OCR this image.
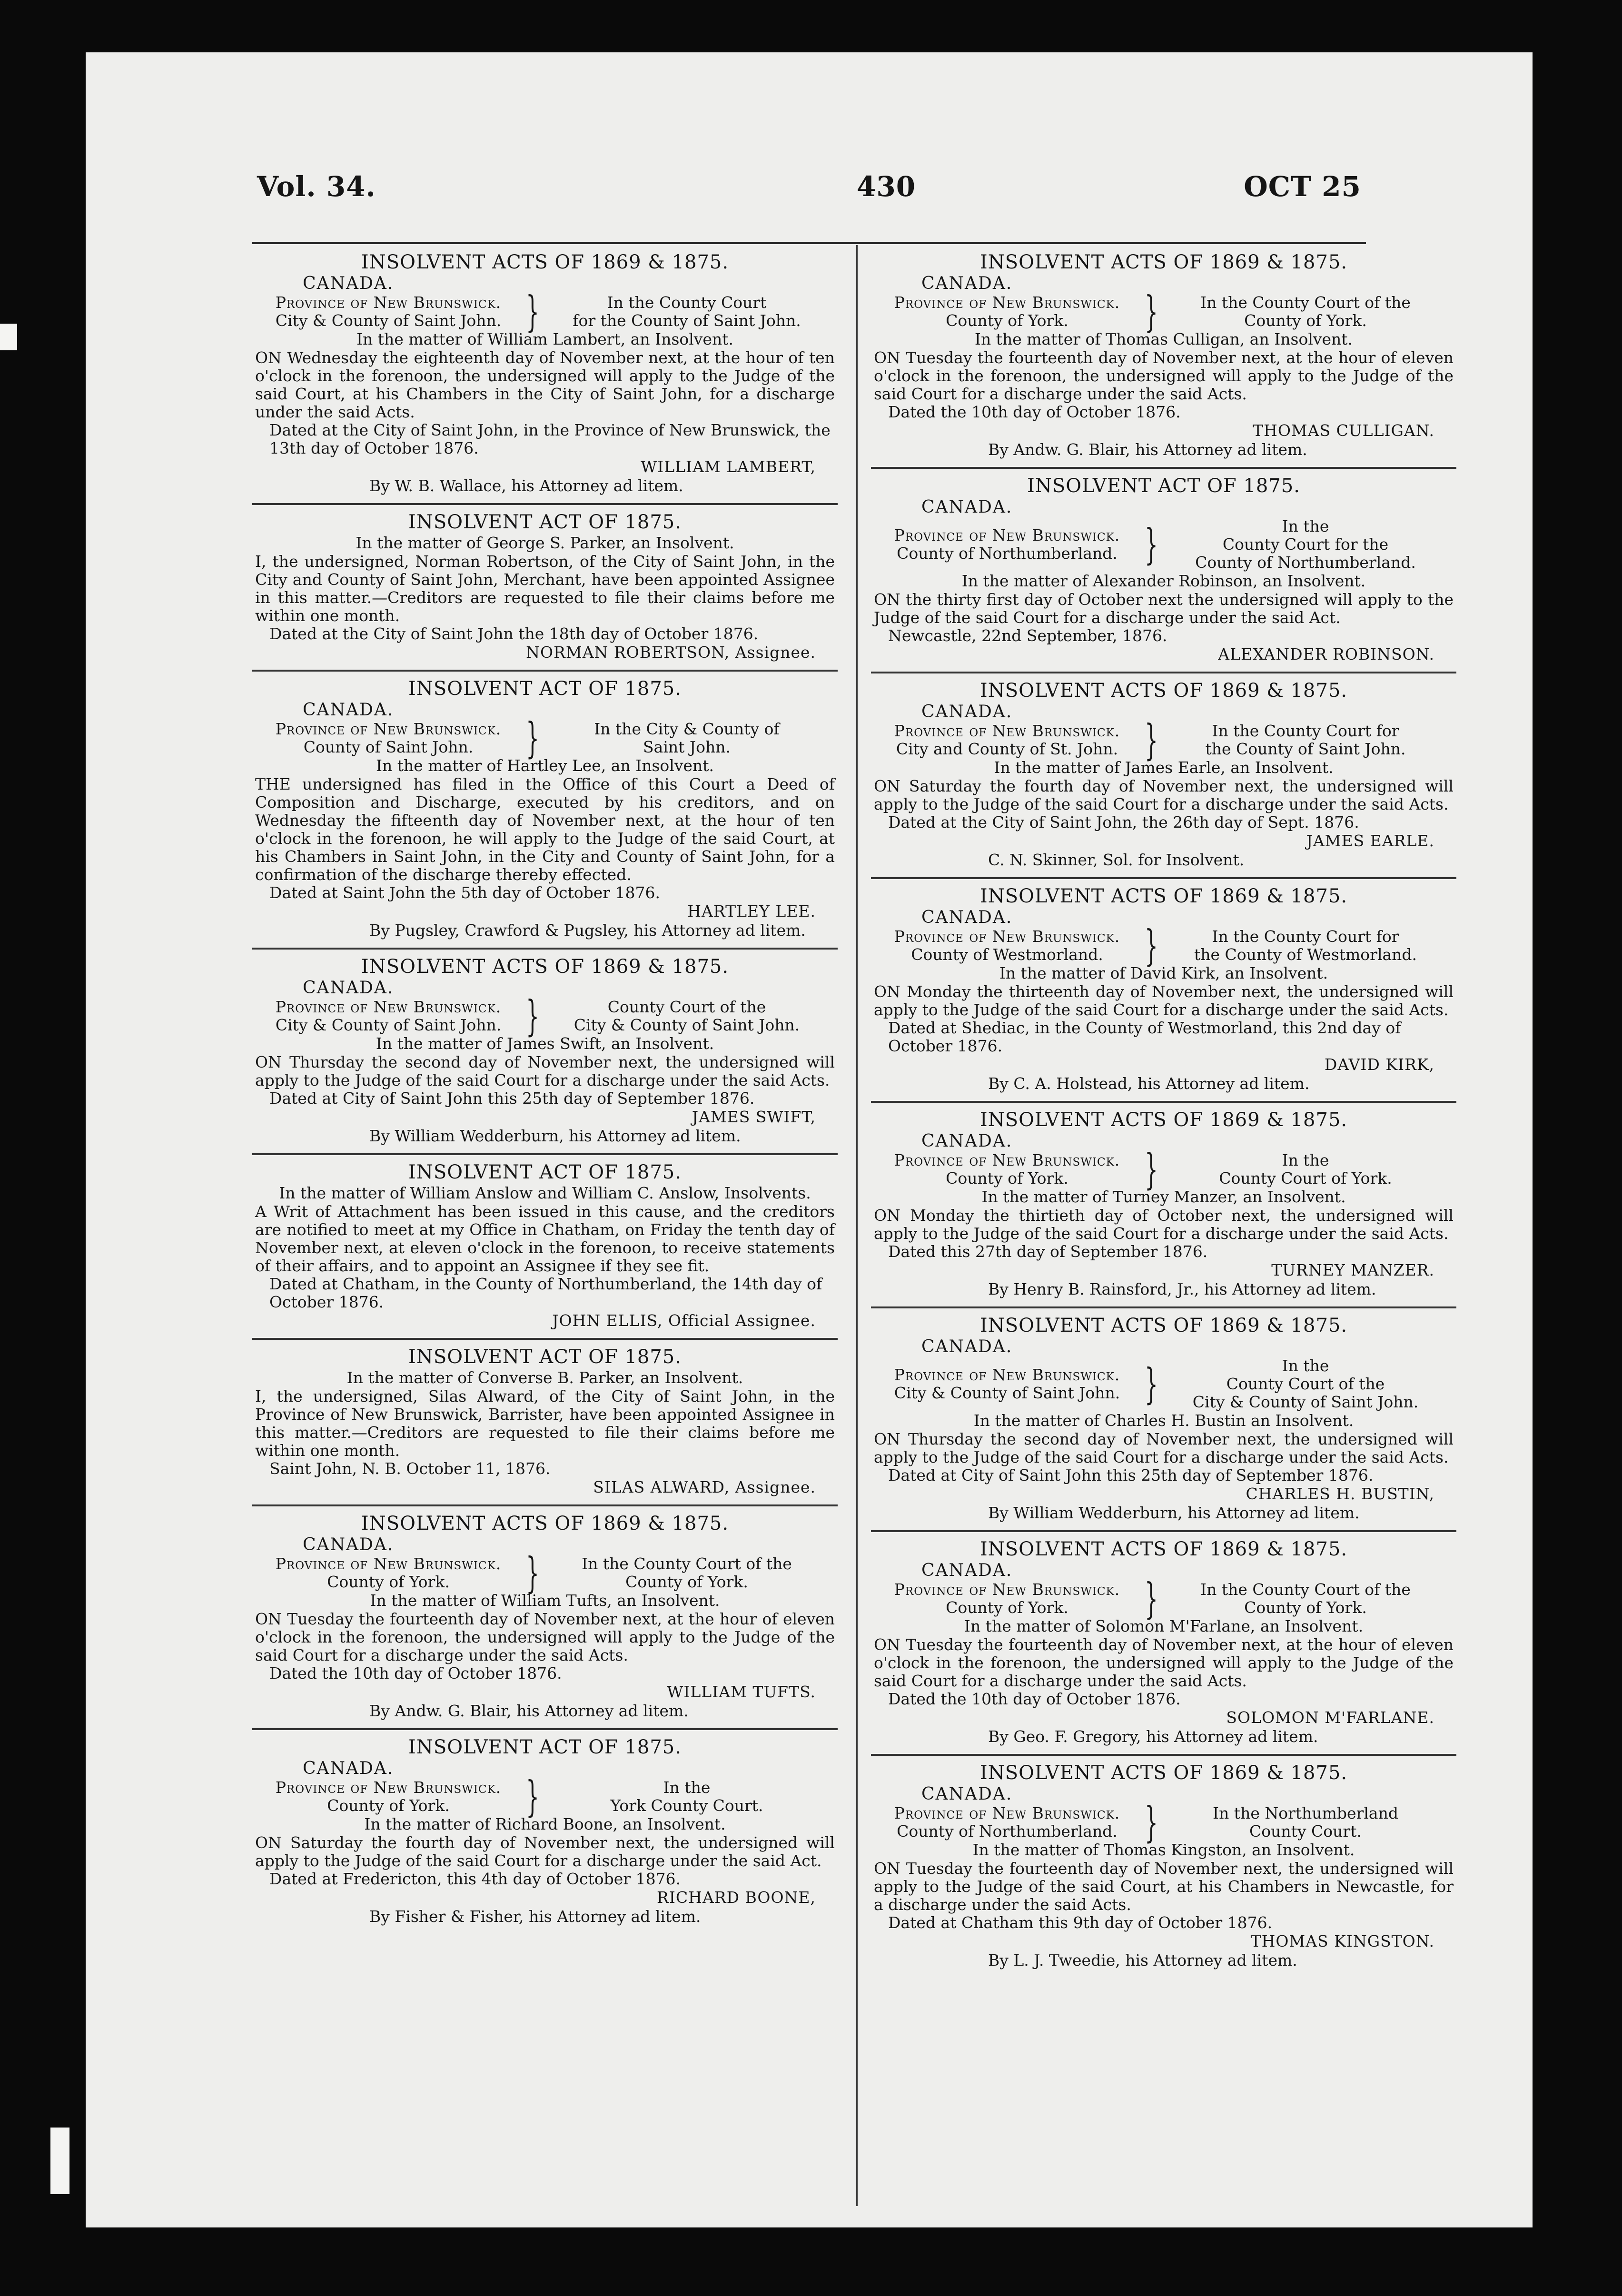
Vol. 34.	430	OCT 25
INSOLVENT ACTS OF 1869 & 1875.
CANADA.
Province of New Brunswick.
City & County of Saint John. }	In the County Court
for the County of Saint John.
In the matter of William Lambert, an Insolvent.
ON Wednesday the eighteenth day of November next, at the hour of ten o'clock in the forenoon, the undersigned will apply to the Judge of the said Court, at his Chambers in the City of Saint John, for a discharge under the said Acts.
Dated at the City of Saint John, in the Province of New Brunswick, the 13th day of October 1876.
WILLIAM LAMBERT,
By W. B. Wallace, his Attorney ad litem.
INSOLVENT ACT OF 1875.
In the matter of George S. Parker, an Insolvent.
I, the undersigned, Norman Robertson, of the City of Saint John, in the City and County of Saint John, Merchant, have been appointed Assignee in this matter.—Creditors are requested to file their claims before me within one month.
Dated at the City of Saint John the 18th day of October 1876.
NORMAN ROBERTSON, Assignee.
INSOLVENT ACT OF 1875.
CANADA.
Province of New Brunswick.
County of Saint John.	}	In the City & County of
Saint John.
In the matter of Hartley Lee, an Insolvent.
THE undersigned has filed in the Office of this Court a Deed of Composition and Discharge, executed by his creditors, and on Wednesday the fifteenth day of November next, at the hour of ten o'clock in the forenoon, he will apply to the Judge of the said Court, at his Chambers in Saint John, in the City and County of Saint John, for a confirmation of the discharge thereby effected.
Dated at Saint John the 5th day of October 1876.
HARTLEY LEE.
By Pugsley, Crawford & Pugsley, his Attorney ad litem.
INSOLVENT ACTS OF 1869 & 1875.
CANADA.
Province of New Brunswick.
City & County of Saint John. }	County Court of the
City & County of Saint John.
In the matter of James Swift, an Insolvent.
ON Thursday the second day of November next, the undersigned will apply to the Judge of the said Court for a discharge under the said Acts.
Dated at City of Saint John this 25th day of September 1876.
JAMES SWIFT,
By William Wedderburn, his Attorney ad litem.
INSOLVENT ACT OF 1875.
In the matter of William Anslow and William C. Anslow, Insolvents.
A Writ of Attachment has been issued in this cause, and the creditors are notified to meet at my Office in Chatham, on Friday the tenth day of November next, at eleven o'clock in the forenoon, to receive statements of their affairs, and to appoint an Assignee if they see fit.
Dated at Chatham, in the County of Northumberland, the 14th day of October 1876.
JOHN ELLIS, Official Assignee.
INSOLVENT ACT OF 1875.
In the matter of Converse B. Parker, an Insolvent.
I, the undersigned, Silas Alward, of the City of Saint John, in the Province of New Brunswick, Barrister, have been appointed Assignee in this matter.—Creditors are requested to file their claims before me within one month.
Saint John, N. B. October 11, 1876.
SILAS ALWARD, Assignee.
INSOLVENT ACTS OF 1869 & 1875.
CANADA.
Province of New Brunswick.
County of York.	}	In the County Court of the
County of York.
In the matter of William Tufts, an Insolvent.
ON Tuesday the fourteenth day of November next, at the hour of eleven o'clock in the forenoon, the undersigned will apply to the Judge of the said Court for a discharge under the said Acts.
Dated the 10th day of October 1876.
WILLIAM TUFTS.
By Andw. G. Blair, his Attorney ad litem.
INSOLVENT ACT OF 1875.
CANADA.
Province of New Brunswick.
County of York.	}	In the
York County Court.
In the matter of Richard Boone, an Insolvent.
ON Saturday the fourth day of November next, the undersigned will apply to the Judge of the said Court for a discharge under the said Act.
Dated at Fredericton, this 4th day of October 1876.
RICHARD BOONE,
By Fisher & Fisher, his Attorney ad litem.
INSOLVENT ACTS OF 1869 & 1875.
CANADA.
Province of New Brunswick.
County of York.	}	In the County Court of the
County of York.
In the matter of Thomas Culligan, an Insolvent.
ON Tuesday the fourteenth day of November next, at the hour of eleven o'clock in the forenoon, the undersigned will apply to the Judge of the said Court for a discharge under the said Acts.
Dated the 10th day of October 1876.
THOMAS CULLIGAN.
By Andw. G. Blair, his Attorney ad litem.
INSOLVENT ACT OF 1875.
CANADA.
Province of New Brunswick.
County of Northumberland. }	In the
County Court for the
County of Northumberland.
In the matter of Alexander Robinson, an Insolvent.
ON the thirty first day of October next the undersigned will apply to the Judge of the said Court for a discharge under the said Act.
Newcastle, 22nd September, 1876.
ALEXANDER ROBINSON.
INSOLVENT ACTS OF 1869 & 1875.
CANADA.
Province of New Brunswick.
City and County of St. John. }	In the County Court for
the County of Saint John.
In the matter of James Earle, an Insolvent.
ON Saturday the fourth day of November next, the undersigned will apply to the Judge of the said Court for a discharge under the said Acts.
Dated at the City of Saint John, the 26th day of Sept. 1876.
JAMES EARLE.
C. N. Skinner, Sol. for Insolvent.
INSOLVENT ACTS OF 1869 & 1875.
CANADA.
Province of New Brunswick.
County of Westmorland. }	In the County Court for
the County of Westmorland.
In the matter of David Kirk, an Insolvent.
ON Monday the thirteenth day of November next, the undersigned will apply to the Judge of the said Court for a discharge under the said Acts.
Dated at Shediac, in the County of Westmorland, this 2nd day of October 1876.
DAVID KIRK,
By C. A. Holstead, his Attorney ad litem.
INSOLVENT ACTS OF 1869 & 1875.
CANADA.
Province of New Brunswick.
County of York.	}	In the
County Court of York.
In the matter of Turney Manzer, an Insolvent.
ON Monday the thirtieth day of October next, the undersigned will apply to the Judge of the said Court for a discharge under the said Acts.
Dated this 27th day of September 1876.
TURNEY MANZER.
By Henry B. Rainsford, Jr., his Attorney ad litem.
INSOLVENT ACTS OF 1869 & 1875.
CANADA.
Province of New Brunswick.
City & County of Saint John. }	In the
County Court of the
City & County of Saint John.
In the matter of Charles H. Bustin an Insolvent.
ON Thursday the second day of November next, the undersigned will apply to the Judge of the said Court for a discharge under the said Acts.
Dated at City of Saint John this 25th day of September 1876.
CHARLES H. BUSTIN,
By William Wedderburn, his Attorney ad litem.
INSOLVENT ACTS OF 1869 & 1875.
CANADA.
Province of New Brunswick.
County of York.	}	In the County Court of the
County of York.
In the matter of Solomon M'Farlane, an Insolvent.
ON Tuesday the fourteenth day of November next, at the hour of eleven o'clock in the forenoon, the undersigned will apply to the Judge of the said Court for a discharge under the said Acts.
Dated the 10th day of October 1876.
SOLOMON M'FARLANE.
By Geo. F. Gregory, his Attorney ad litem.
INSOLVENT ACTS OF 1869 & 1875.
CANADA.
Province of New Brunswick.
County of Northumberland. }	In the Northumberland
County Court.
In the matter of Thomas Kingston, an Insolvent.
ON Tuesday the fourteenth day of November next, the undersigned will apply to the Judge of the said Court, at his Chambers in Newcastle, for a discharge under the said Acts.
Dated at Chatham this 9th day of October 1876.
THOMAS KINGSTON.
By L. J. Tweedie, his Attorney ad litem.
